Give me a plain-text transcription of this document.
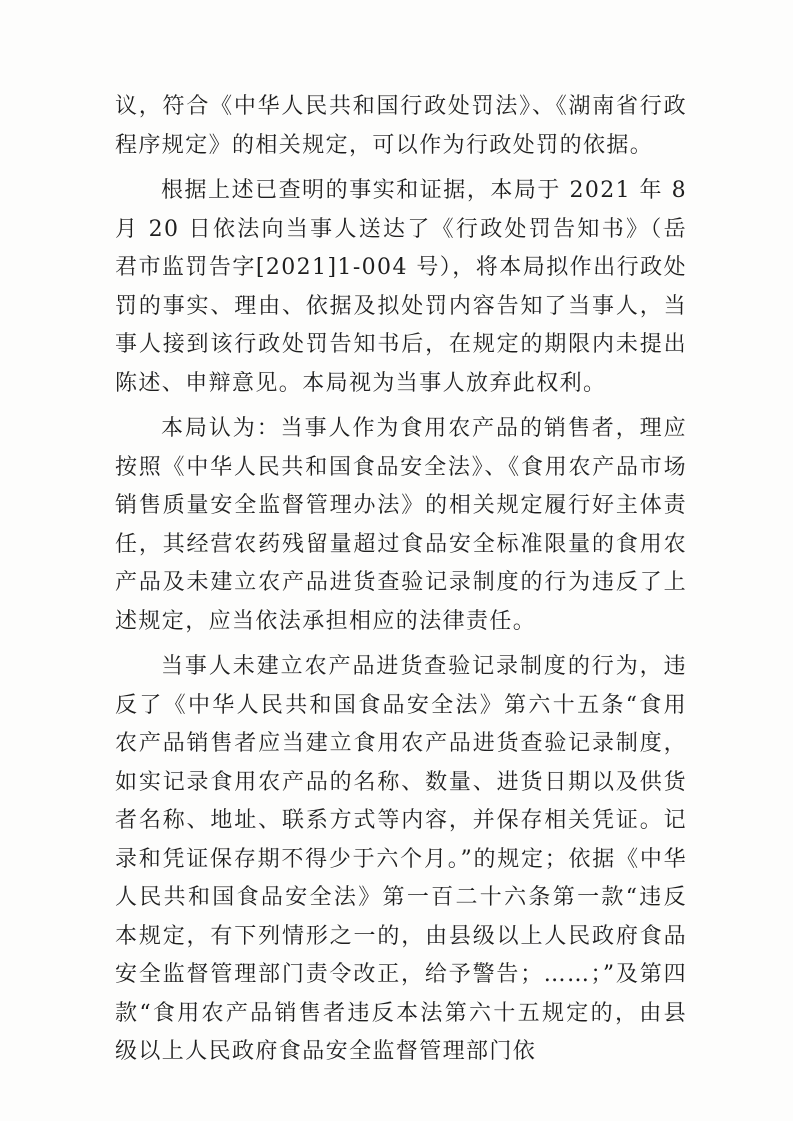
议，符合《中华人民共和国行政处罚法》、《湖南省行政程序规定》的相关规定，可以作为行政处罚的依据。

根据上述已查明的事实和证据，本局于 2021 年 8 月 20 日依法向当事人送达了《行政处罚告知书》（岳君市监罚告字[2021]1-004 号），将本局拟作出行政处罚的事实、理由、依据及拟处罚内容告知了当事人，当事人接到该行政处罚告知书后，在规定的期限内未提出陈述、申辩意见。本局视为当事人放弃此权利。

本局认为：当事人作为食用农产品的销售者，理应按照《中华人民共和国食品安全法》、《食用农产品市场销售质量安全监督管理办法》的相关规定履行好主体责任，其经营农药残留量超过食品安全标准限量的食用农产品及未建立农产品进货查验记录制度的行为违反了上述规定，应当依法承担相应的法律责任。

当事人未建立农产品进货查验记录制度的行为，违反了《中华人民共和国食品安全法》第六十五条“食用农产品销售者应当建立食用农产品进货查验记录制度，如实记录食用农产品的名称、数量、进货日期以及供货者名称、地址、联系方式等内容，并保存相关凭证。记录和凭证保存期不得少于六个月。”的规定；依据《中华人民共和国食品安全法》第一百二十六条第一款“违反本规定，有下列情形之一的，由县级以上人民政府食品安全监督管理部门责令改正，给予警告；……；”及第四款“食用农产品销售者违反本法第六十五规定的，由县级以上人民政府食品安全监督管理部门依
